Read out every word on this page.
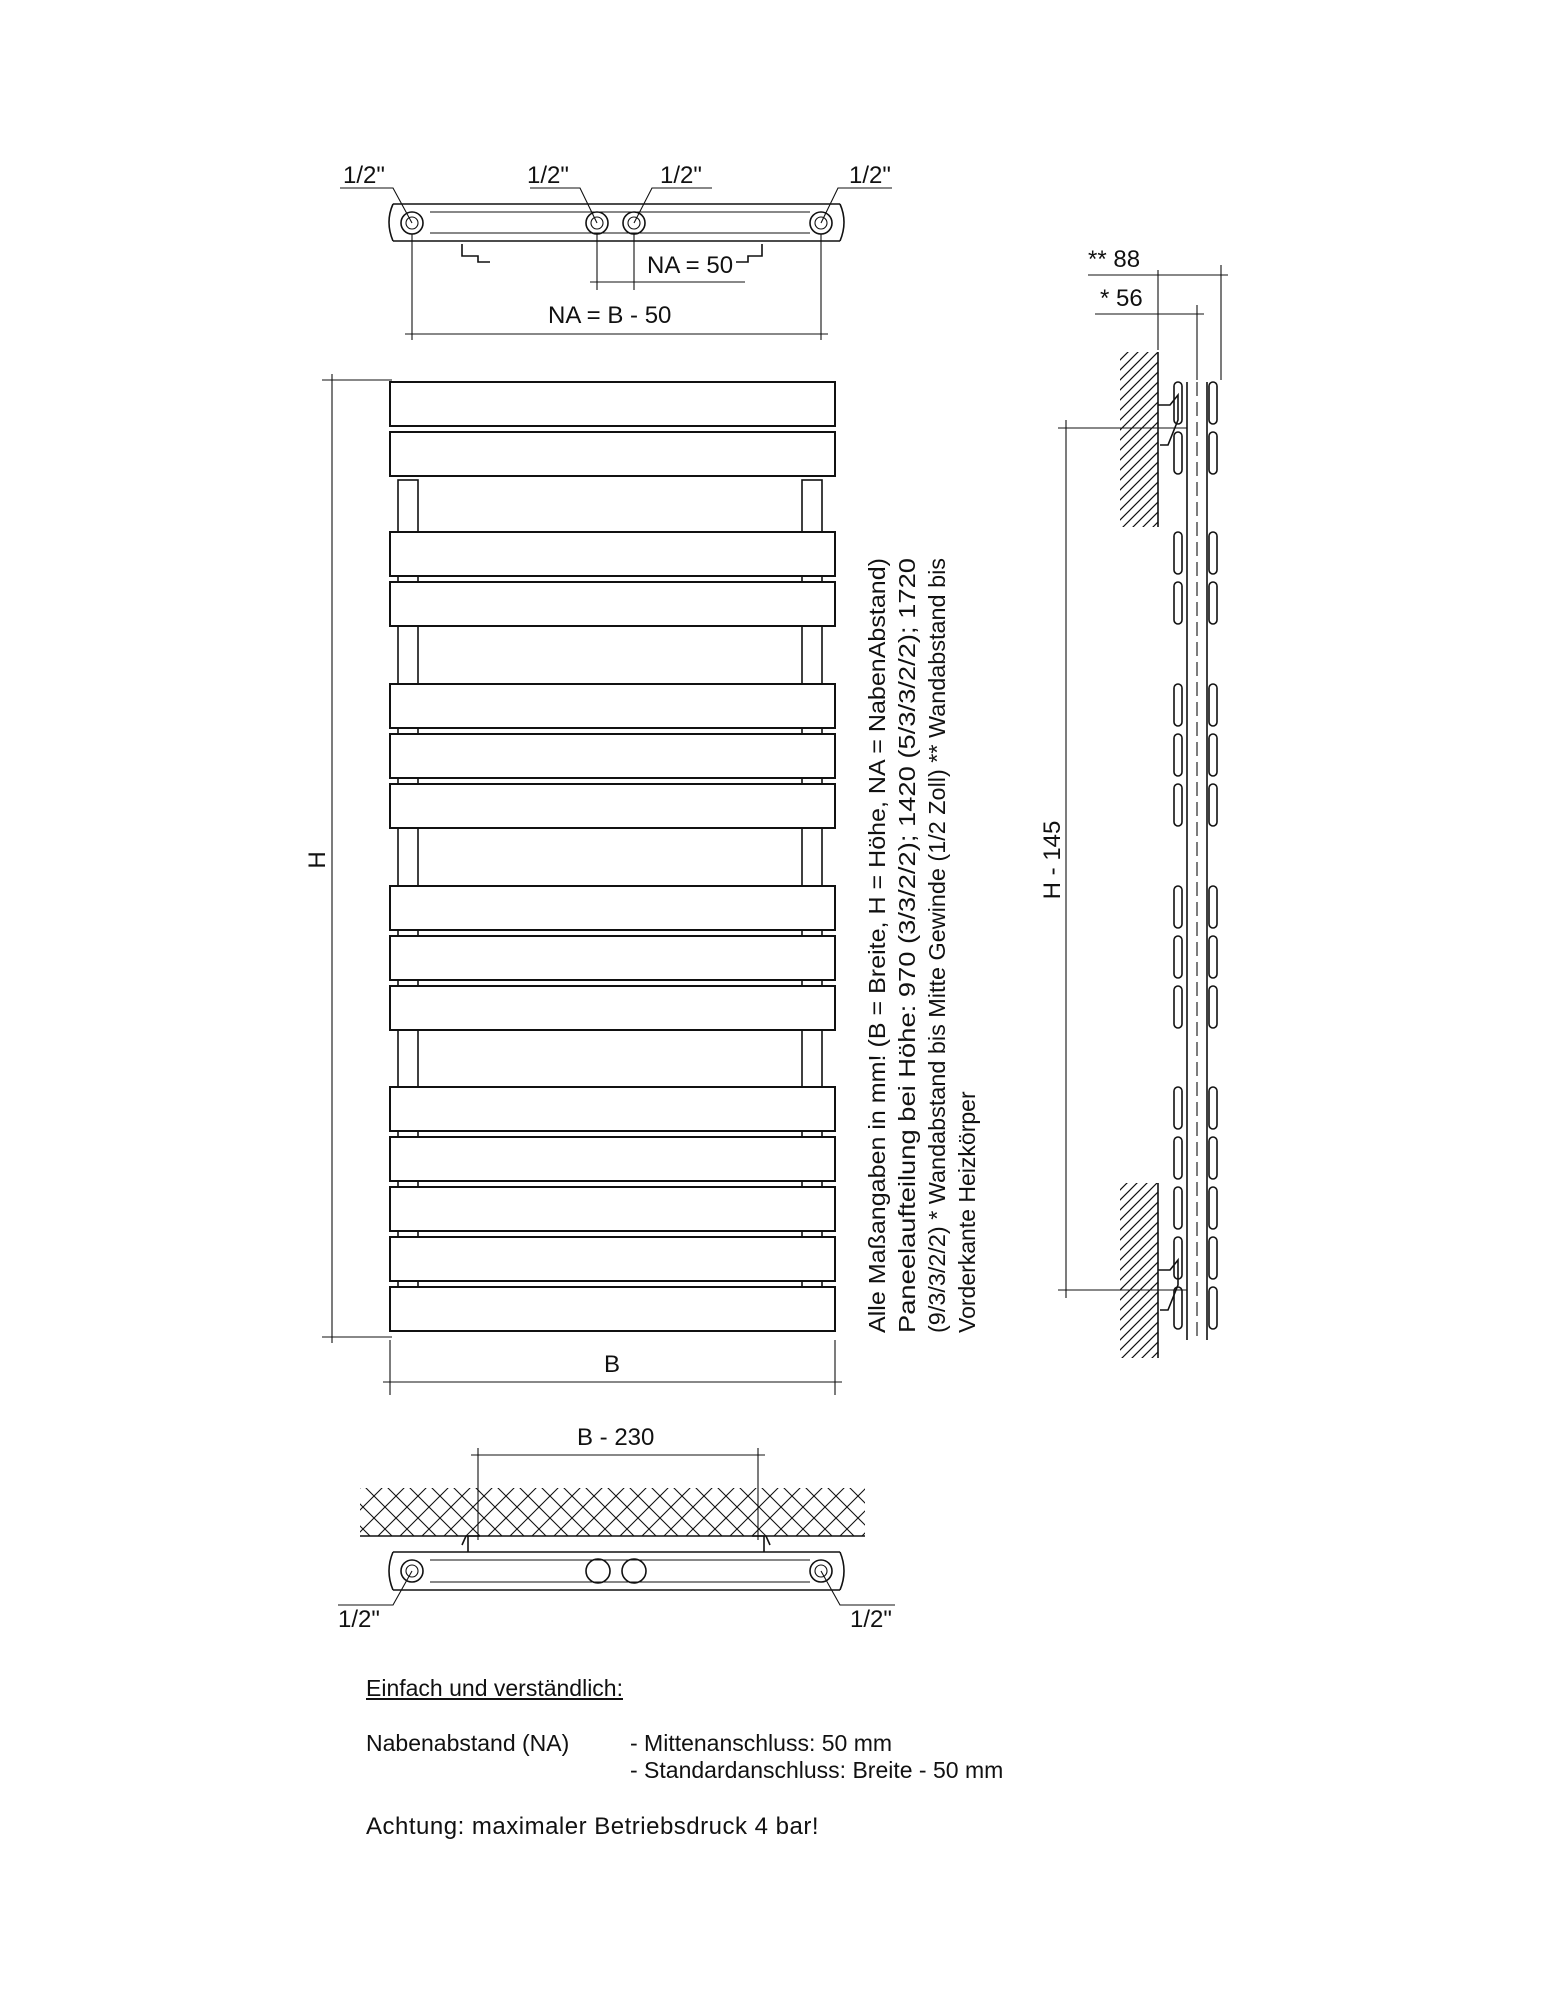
1/2"	1/2"	1/2"	1/2"
NA = 50
NA = B - 50
H
B
Alle Maßangaben in mm! (B = Breite, H = Höhe, NA = NabenAbstand) Paneelaufteilung bei Höhe: 970 (3/3/2/2); 1420 (5/3/3/2/2); 1720 (9/3/3/2/2) * Wandabstand bis Mitte Gewinde (1/2 Zoll) ** Wandabstand bis Vorderkante Heizkörper
** 88
* 56
H - 145
B - 230
1/2"	1/2"
Einfach und verständlich:
Nabenabstand (NA)	- Mittenanschluss: 50 mm
- Standardanschluss: Breite - 50 mm
Achtung: maximaler Betriebsdruck 4 bar!
